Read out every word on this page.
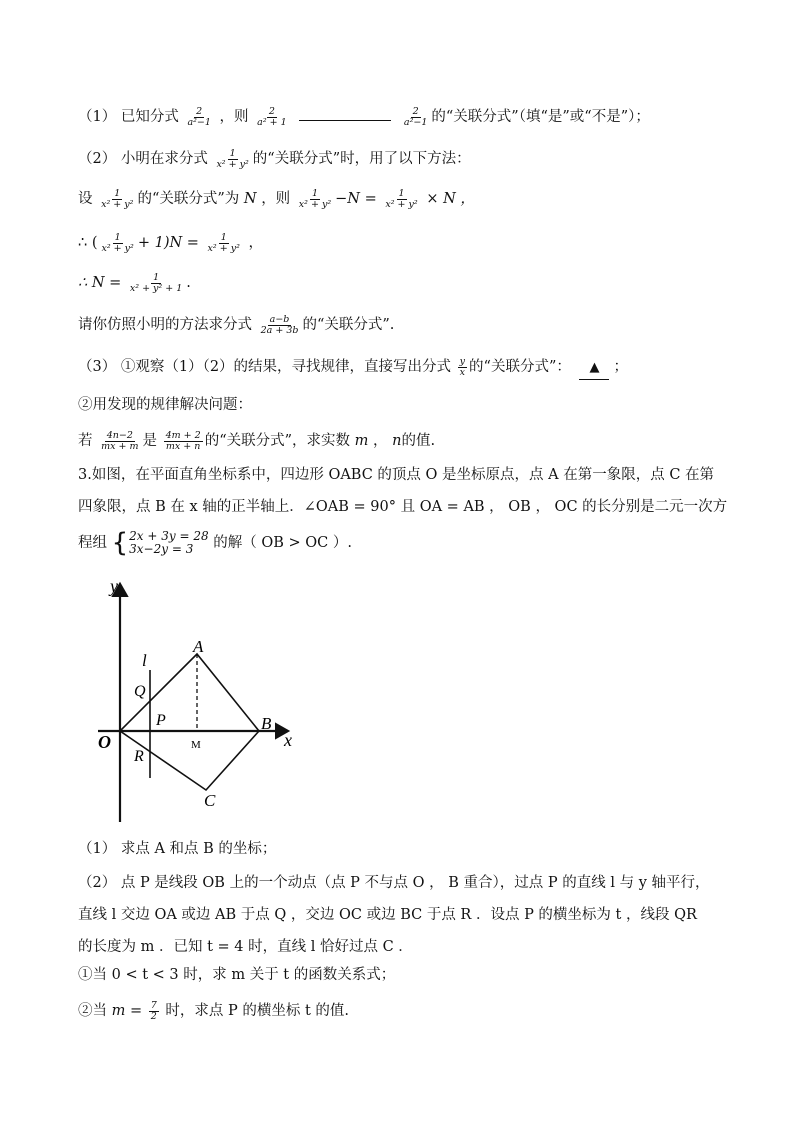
（1） 已知分式 $\frac{2}{\text{a²−1}}$ ，则 $\frac{2}{\text{a² + 1}}$
	$\frac{2}{\text{a²−1}}$ 的“关联分式”（填“是”或“不是”）；
（2） 小明在求分式 $\frac{1}{\text{x² + y²}}$ 的“关联分式”时，用了以下方法：
设 $\frac{1}{\text{x² + y²}}$ 的“关联分式”为 N ，则 $\frac{1}{\text{x² + y²}} -N = \frac{1}{\text{x² + y²}} \times N$ ，
∴ ( $\frac{1}{\text{x² + y²}} + 1)N = \frac{1}{\text{x² + y²}}$ ，
∴ $N = \frac{1}{\text{x² + y² + 1}}$ .
请你仿照小明的方法求分式 $\frac{a-b}{2a + 3b}$ 的“关联分式”.
（3） ①观察（1）（2）的结果，寻找规律，直接写出分式 $\frac{y}{x}$ 的“关联分式”： ▲ ；
②用发现的规律解决问题：
若 $\frac{4n-2}{mx + m}$ 是 $\frac{4m + 2}{mx + n}$ 的“关联分式”，求实数 m ， n的值.
3.如图，在平面直角坐标系中，四边形 OABC 的顶点 O 是坐标原点，点 A 在第一象限，点 C 在第
四象限，点 B 在 x 轴的正半轴上．∠OAB = 90° 且 OA = AB ， OB ， OC 的长分别是二元一次方
程组 { 2x + 3y = 28
3x−2y = 3	的解（ OB > OC ）.
y
x
O
A
B
C
P
Q
R
M
l
（1） 求点 A 和点 B 的坐标；
（2） 点 P 是线段 OB 上的一个动点（点 P 不与点 O ， B 重合），过点 P 的直线 l 与 y 轴平行，
直线 l 交边 OA 或边 AB 于点 Q ，交边 OC 或边 BC 于点 R ．设点 P 的横坐标为 t ，线段 QR
的长度为 m ．已知 t = 4 时，直线 l 恰好过点 C ．
①当 0 < t < 3 时，求 m 关于 t 的函数关系式；
②当 $m = \frac{7}{2}$ 时，求点 P 的横坐标 t 的值.
